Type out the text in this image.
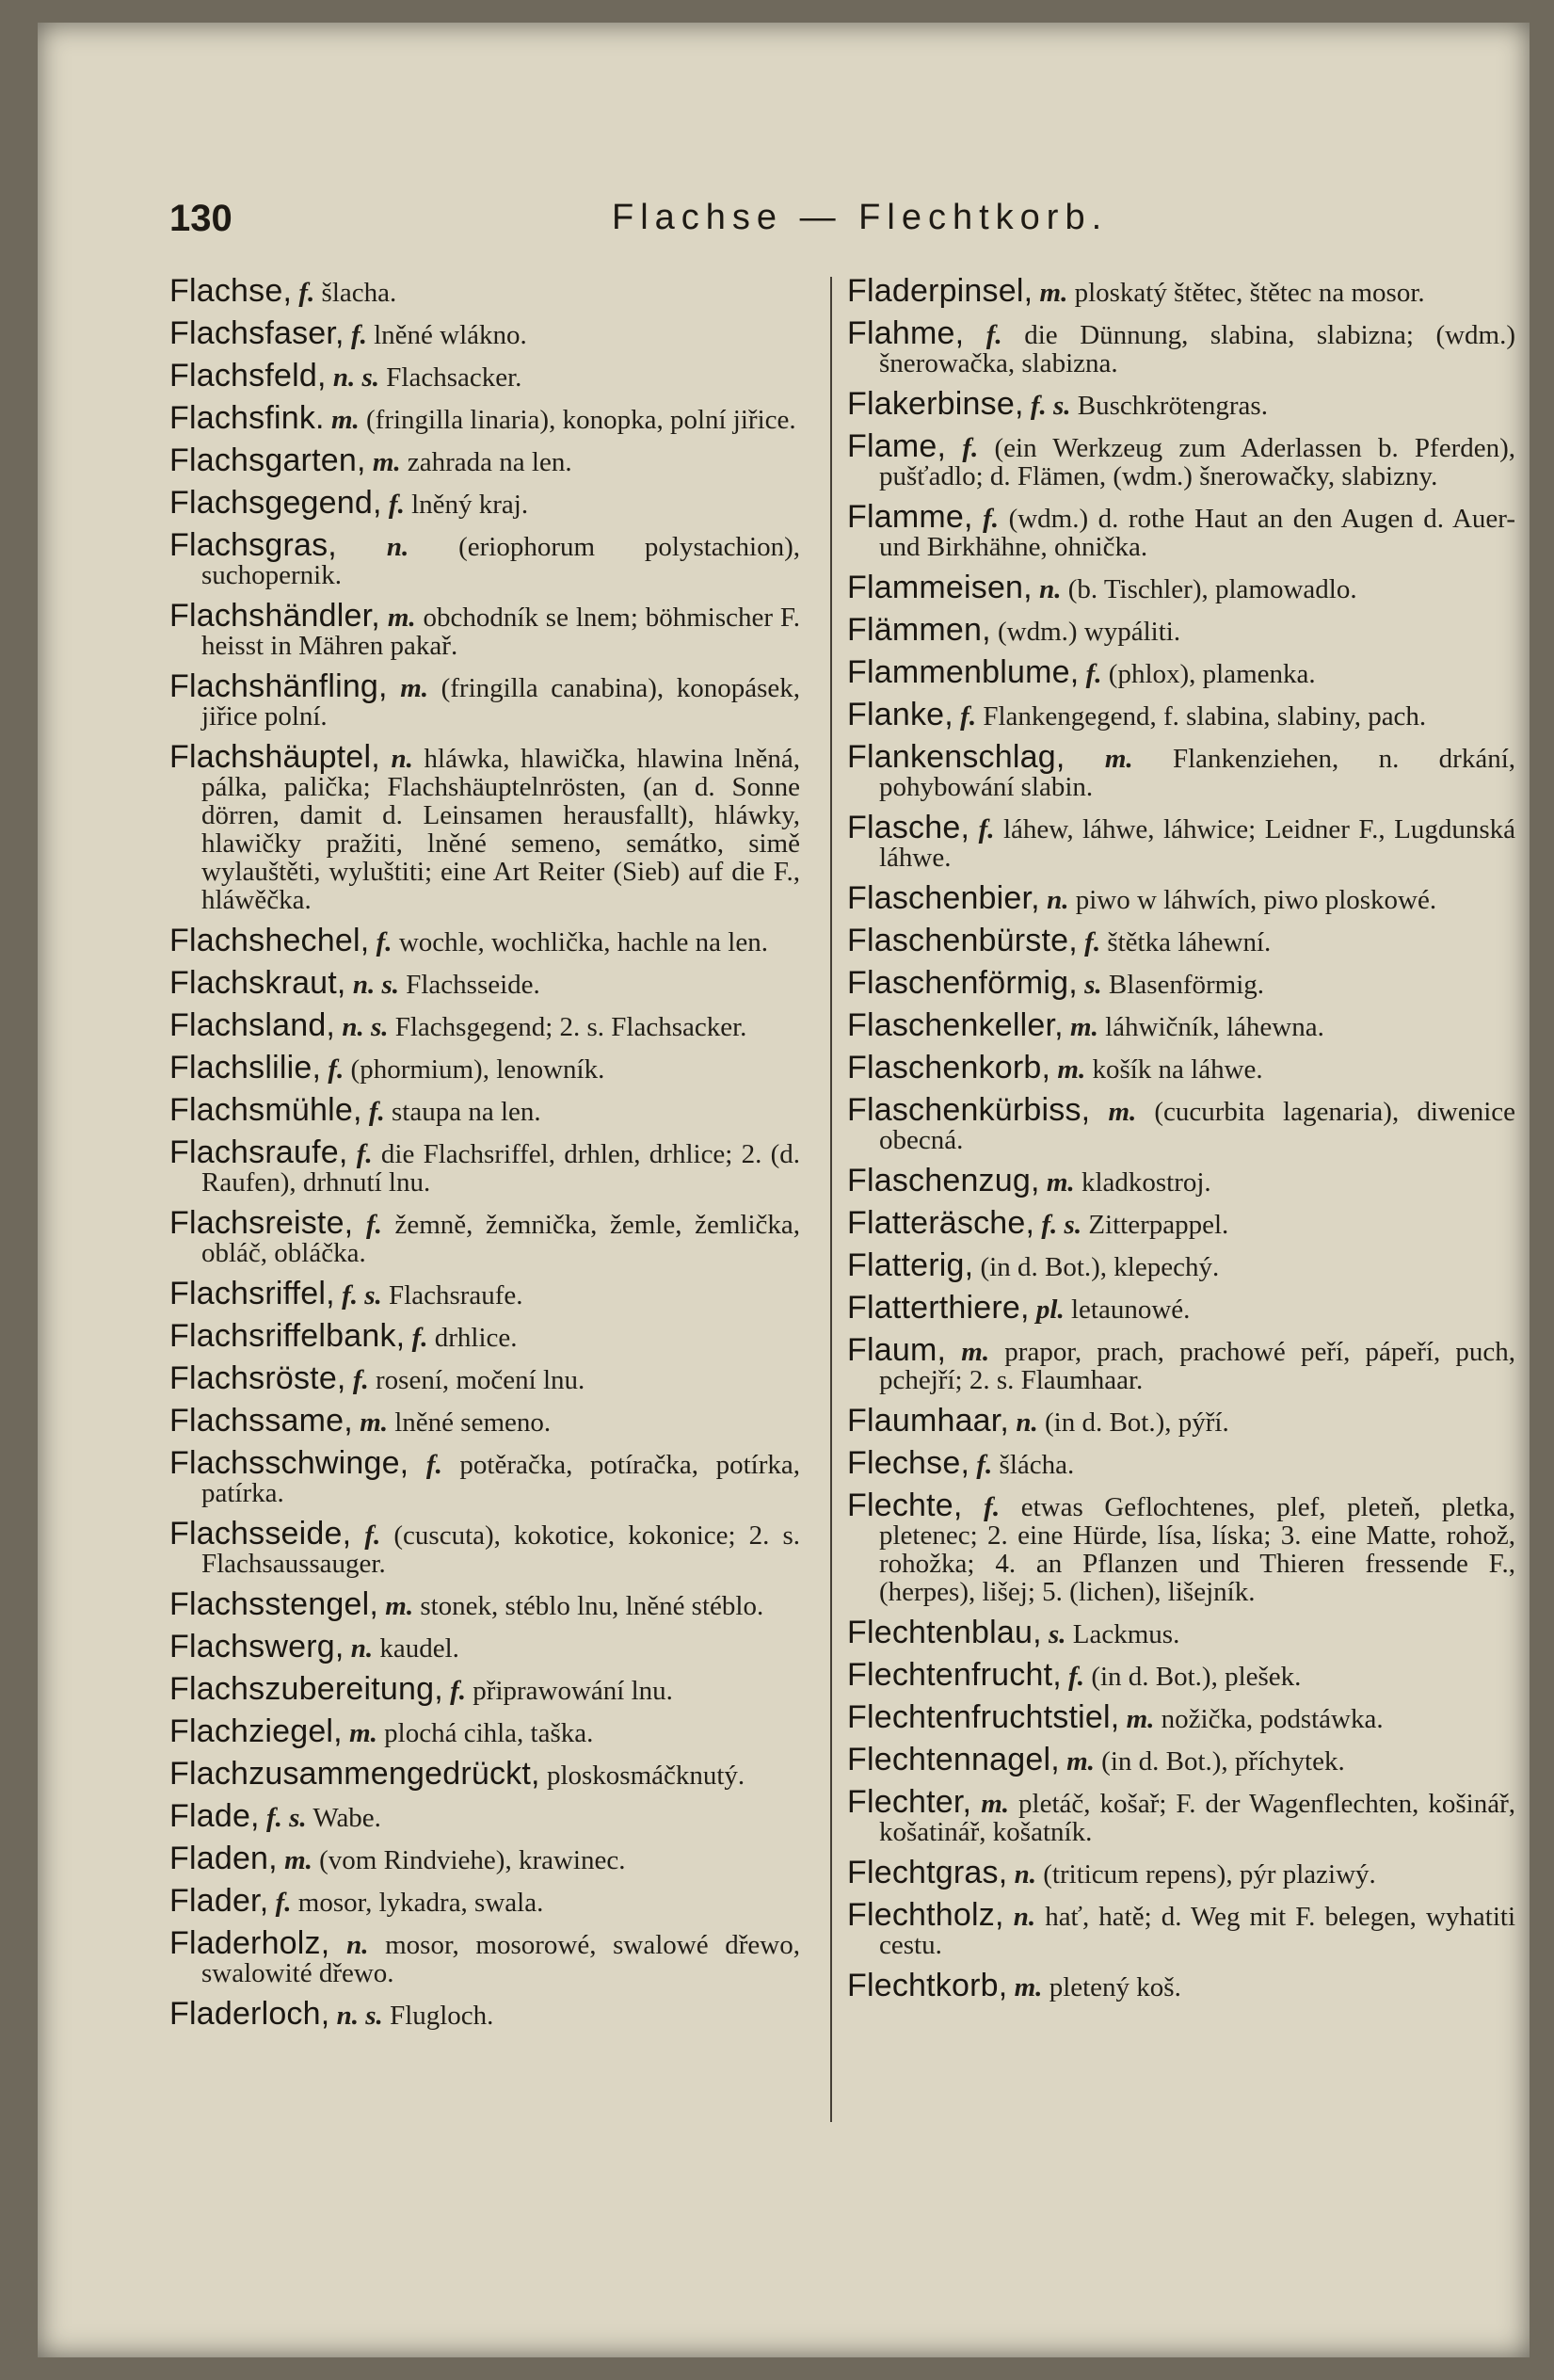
130	Flachse — Flechtkorb.
Flachse, f. šlacha.
Flachsfaser, f. lněné wlákno.
Flachsfeld, n. s. Flachsacker.
Flachsfink. m. (fringilla linaria), konopka, polní jiřice.
Flachsgarten, m. zahrada na len.
Flachsgegend, f. lněný kraj.
Flachsgras, n. (eriophorum polystachion), suchopernik.
Flachshändler, m. obchodník se lnem; böhmischer F. heisst in Mähren pakař.
Flachshänfling, m. (fringilla canabina), konopásek, jiřice polní.
Flachshäuptel, n. hláwka, hlawička, hlawina lněná, pálka, palička; Flachshäuptelnrösten, (an d. Sonne dörren, damit d. Leinsamen herausfallt), hláwky, hlawičky pražiti, lněné semeno, semátko, simě wylauštěti, wyluštiti; eine Art Reiter (Sieb) auf die F., hláwěčka.
Flachshechel, f. wochle, wochlička, hachle na len.
Flachskraut, n. s. Flachsseide.
Flachsland, n. s. Flachsgegend; 2. s. Flachsacker.
Flachslilie, f. (phormium), lenowník.
Flachsmühle, f. staupa na len.
Flachsraufe, f. die Flachsriffel, drhlen, drhlice; 2. (d. Raufen), drhnutí lnu.
Flachsreiste, f. žemně, žemnička, žemle, žemlička, obláč, obláčka.
Flachsriffel, f. s. Flachsraufe.
Flachsriffelbank, f. drhlice.
Flachsröste, f. rosení, močení lnu.
Flachssame, m. lněné semeno.
Flachsschwinge, f. potěračka, potíračka, potírka, patírka.
Flachsseide, f. (cuscuta), kokotice, kokonice; 2. s. Flachsaussauger.
Flachsstengel, m. stonek, stéblo lnu, lněné stéblo.
Flachswerg, n. kaudel.
Flachszubereitung, f. připrawowání lnu.
Flachziegel, m. plochá cihla, taška.
Flachzusammengedrückt, ploskosmáčknutý.
Flade, f. s. Wabe.
Fladen, m. (vom Rindviehe), krawinec.
Flader, f. mosor, lykadra, swala.
Fladerholz, n. mosor, mosorowé, swalowé dřewo, swalowité dřewo.
Fladerloch, n. s. Flugloch.
Fladerpinsel, m. ploskatý štětec, štětec na mosor.
Flahme, f. die Dünnung, slabina, slabizna; (wdm.) šnerowačka, slabizna.
Flakerbinse, f. s. Buschkrötengras.
Flame, f. (ein Werkzeug zum Aderlassen b. Pferden), pušťadlo; d. Flämen, (wdm.) šnerowačky, slabizny.
Flamme, f. (wdm.) d. rothe Haut an den Augen d. Auer- und Birkhähne, ohnička.
Flammeisen, n. (b. Tischler), plamowadlo.
Flämmen, (wdm.) wypáliti.
Flammenblume, f. (phlox), plamenka.
Flanke, f. Flankengegend, f. slabina, slabiny, pach.
Flankenschlag, m. Flankenziehen, n. drkání, pohybowání slabin.
Flasche, f. láhew, láhwe, láhwice; Leidner F., Lugdunská láhwe.
Flaschenbier, n. piwo w láhwích, piwo ploskowé.
Flaschenbürste, f. štětka láhewní.
Flaschenförmig, s. Blasenförmig.
Flaschenkeller, m. láhwičník, láhewna.
Flaschenkorb, m. košík na láhwe.
Flaschenkürbiss, m. (cucurbita lagenaria), diwenice obecná.
Flaschenzug, m. kladkostroj.
Flatteräsche, f. s. Zitterpappel.
Flatterig, (in d. Bot.), klepechý.
Flatterthiere, pl. letaunowé.
Flaum, m. prapor, prach, prachowé peří, pápeří, puch, pchejří; 2. s. Flaumhaar.
Flaumhaar, n. (in d. Bot.), pýří.
Flechse, f. šlácha.
Flechte, f. etwas Geflochtenes, plef, pleteň, pletka, pletenec; 2. eine Hürde, lísa, líska; 3. eine Matte, rohož, rohožka; 4. an Pflanzen und Thieren fressende F., (herpes), lišej; 5. (lichen), lišejník.
Flechtenblau, s. Lackmus.
Flechtenfrucht, f. (in d. Bot.), plešek.
Flechtenfruchtstiel, m. nožička, podstáwka.
Flechtennagel, m. (in d. Bot.), příchytek.
Flechter, m. pletáč, košař; F. der Wagenflechten, košinář, košatinář, košatník.
Flechtgras, n. (triticum repens), pýr plaziwý.
Flechtholz, n. hať, hatě; d. Weg mit F. belegen, wyhatiti cestu.
Flechtkorb, m. pletený koš.
